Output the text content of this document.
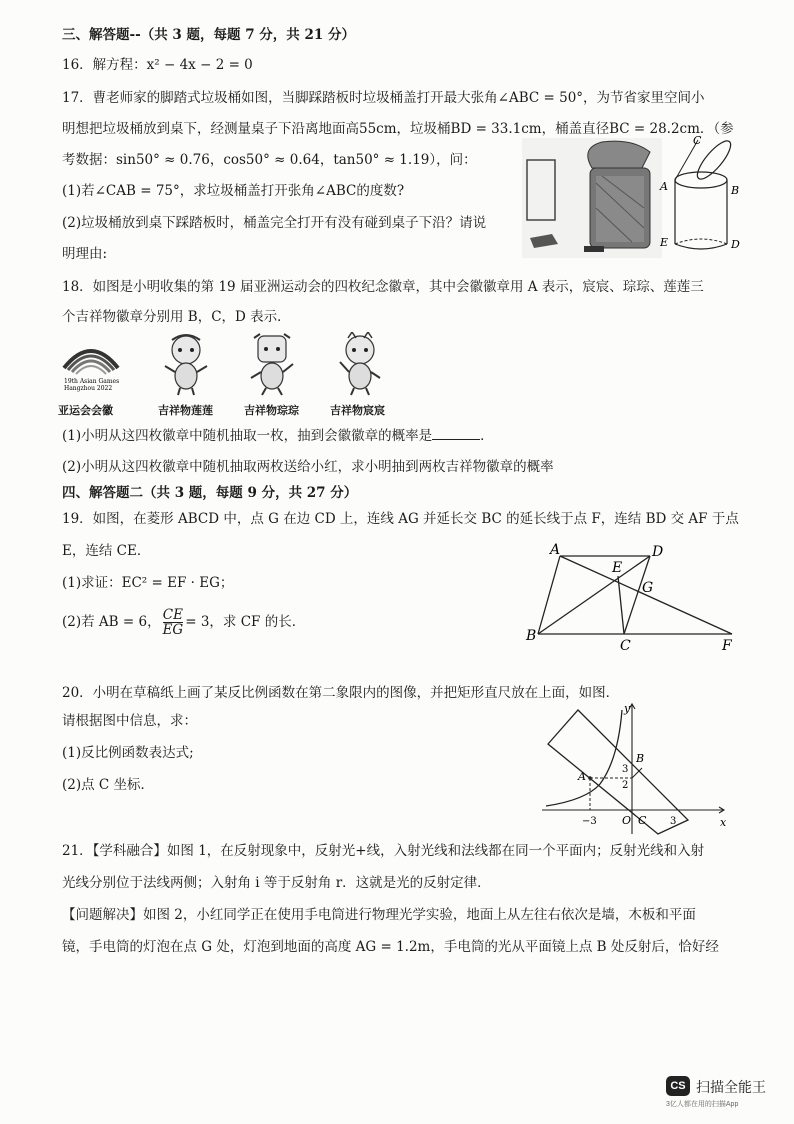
三、解答题--（共 3 题，每题 7 分，共 21 分）
16．解方程：x² − 4x − 2 = 0
17．曹老师家的脚踏式垃圾桶如图，当脚踩踏板时垃圾桶盖打开最大张角∠ABC = 50°，为节省家里空间小
明想把垃圾桶放到桌下，经测量桌子下沿离地面高55cm，垃圾桶BD = 33.1cm，桶盖直径BC = 28.2cm．（参
考数据：sin50° ≈ 0.76，cos50° ≈ 0.64，tan50° ≈ 1.19），问：
(1)若∠CAB = 75°，求垃圾桶盖打开张角∠ABC的度数?
(2)垃圾桶放到桌下踩踏板时，桶盖完全打开有没有碰到桌子下沿？请说
明理由:
C
A	B
E	D
18．如图是小明收集的第 19 届亚洲运动会的四枚纪念徽章，其中会徽徽章用 A 表示，宸宸、琮琮、莲莲三
个吉祥物徽章分别用 B，C，D 表示．
19th Asian Games
Hangzhou 2022
亚运会会徽	吉祥物莲莲	吉祥物琮琮	吉祥物宸宸
(1)小明从这四枚徽章中随机抽取一枚，抽到会徽徽章的概率是	．
(2)小明从这四枚徽章中随机抽取两枚送给小红，求小明抽到两枚吉祥物徽章的概率
四、解答题二（共 3 题，每题 9 分，共 27 分）
19．如图，在菱形 ABCD 中，点 G 在边 CD 上，连线 AG 并延长交 BC 的延长线于点 F，连结 BD 交 AF 于点
E，连结 CE．
(1)求证：EC² = EF · EG；
(2)若 AB = 6， $\frac{CE}{EG} = 3$，求 CF 的长．
A	D
E
G
B
C	F
20．小明在草稿纸上画了某反比例函数在第二象限内的图像，并把矩形直尺放在上面，如图．
请根据图中信息，求：
(1)反比例函数表达式;
(2)点 C 坐标．
y
x
O
A
B
C
3
2
−3	3
21．【学科融合】如图 1，在反射现象中，反射光+线，入射光线和法线都在同一个平面内；反射光线和入射
光线分别位于法线两侧；入射角 i 等于反射角 r．这就是光的反射定律．
【问题解决】如图 2，小红同学正在使用手电筒进行物理光学实验，地面上从左往右依次是墙，木板和平面
镜，手电筒的灯泡在点 G 处，灯泡到地面的高度 AG = 1.2m，手电筒的光从平面镜上点 B 处反射后，恰好经
CS 扫描全能王
3亿人都在用的扫描App
